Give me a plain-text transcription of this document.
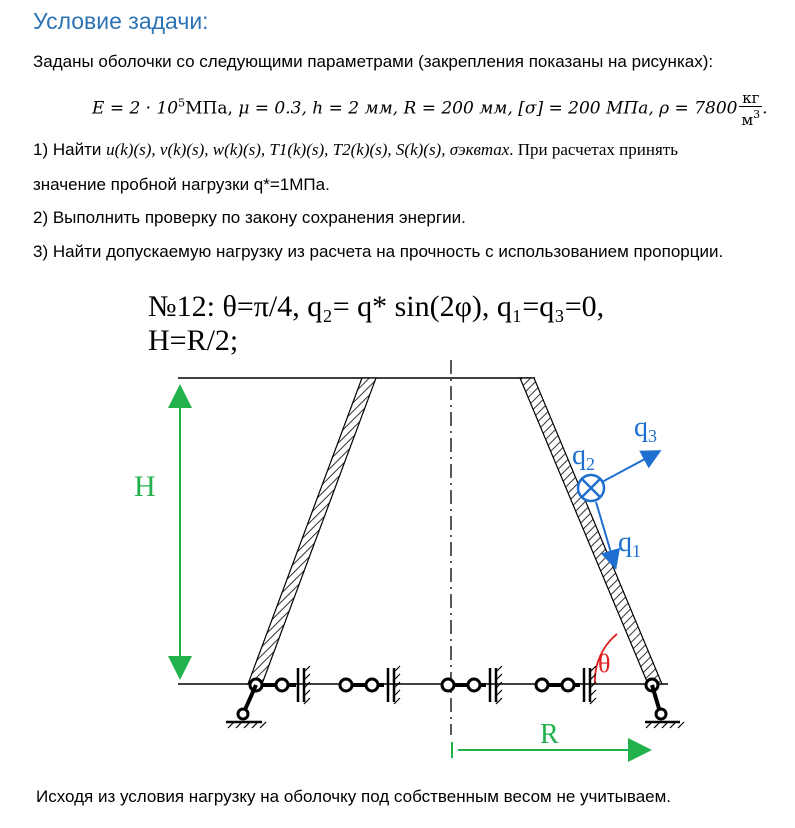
Условие задачи:
Заданы оболочки со следующими параметрами (закрепления показаны на рисунках):
$E = 2 \cdot 10^5МПа$, μ = 0.3, h = 2 мм, R = 200 мм, [σ] = 200 МПа, $\rho = 7800 \frac{кг}{м^3}$ .
1) Найти u(k)(s), v(k)(s), w(k)(s), T1(k)(s), T2(k)(s), S(k)(s), σэквmax. При расчетах принять
значение пробной нагрузки q*=1МПа.
2) Выполнить проверку по закону сохранения энергии.
3) Найти допускаемую нагрузку из расчета на прочность с использованием пропорции.
№12: θ=π/4, q₂= q* sin(2φ), q₁=q₃=0,
H=R/2;
H
R
θ
$q_2$
$q_3$
$q_1$
Исходя из условия нагрузку на оболочку под собственным весом не учитываем.
